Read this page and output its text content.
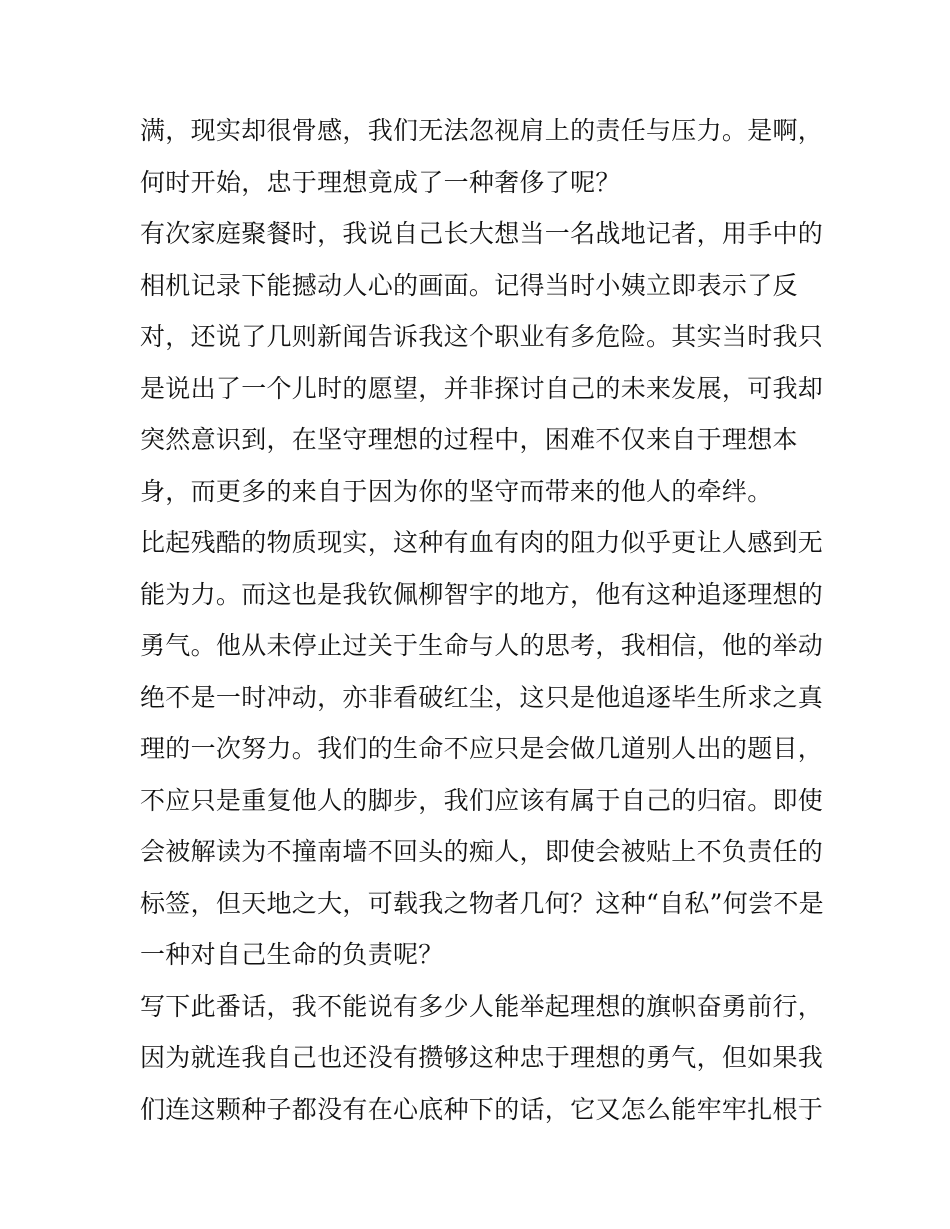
满，现实却很骨感，我们无法忽视肩上的责任与压力。是啊，
何时开始，忠于理想竟成了一种奢侈了呢？
有次家庭聚餐时，我说自己长大想当一名战地记者，用手中的
相机记录下能撼动人心的画面。记得当时小姨立即表示了反
对，还说了几则新闻告诉我这个职业有多危险。其实当时我只
是说出了一个儿时的愿望，并非探讨自己的未来发展，可我却
突然意识到，在坚守理想的过程中，困难不仅来自于理想本
身，而更多的来自于因为你的坚守而带来的他人的牵绊。
比起残酷的物质现实，这种有血有肉的阻力似乎更让人感到无
能为力。而这也是我钦佩柳智宇的地方，他有这种追逐理想的
勇气。他从未停止过关于生命与人的思考，我相信，他的举动
绝不是一时冲动，亦非看破红尘，这只是他追逐毕生所求之真
理的一次努力。我们的生命不应只是会做几道别人出的题目，
不应只是重复他人的脚步，我们应该有属于自己的归宿。即使
会被解读为不撞南墙不回头的痴人，即使会被贴上不负责任的
标签，但天地之大，可载我之物者几何？这种“自私”何尝不是
一种对自己生命的负责呢？
写下此番话，我不能说有多少人能举起理想的旗帜奋勇前行，
因为就连我自己也还没有攒够这种忠于理想的勇气，但如果我
们连这颗种子都没有在心底种下的话，它又怎么能牢牢扎根于
